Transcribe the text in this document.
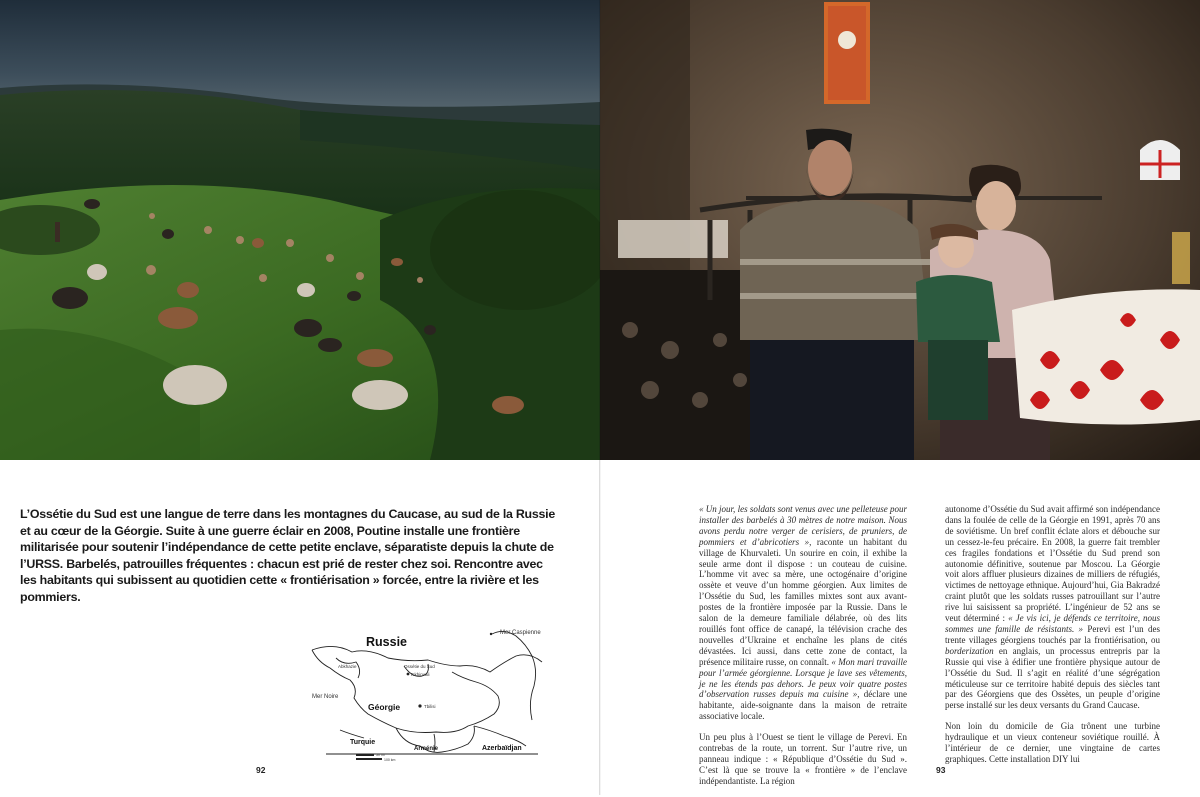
L’Ossétie du Sud est une langue de terre dans les montagnes du Caucase, au sud de la Russie et au cœur de la Géorgie. Suite à une guerre éclair en 2008, Poutine installe une frontière militarisée pour soutenir l’indépendance de cette petite enclave, séparatiste depuis la chute de l’URSS. Barbelés, patrouilles fréquentes : chacun est prié de rester chez soi. Rencontre avec les habitants qui subissent au quotidien cette « frontiérisation » forcée, entre la rivière et les pommiers.

Russie
Mer Caspienne
Abkhazie
Mer Noire
Ossétie du Sud
Tskhinvali
Géorgie	Tbilisi
Turquie
Arménie	Azerbaïdjan
50 mi
100 km
92

« Un jour, les soldats sont venus avec une pelleteuse pour installer des barbelés à 30 mètres de notre maison. Nous avons perdu notre verger de cerisiers, de pruniers, de pommiers et d’abricotiers », raconte un habitant du village de Khurvaleti. Un sourire en coin, il exhibe la seule arme dont il dispose : un couteau de cuisine. L’homme vit avec sa mère, une octogénaire d’origine ossète et veuve d’un homme géorgien. Aux limites de l’Ossétie du Sud, les familles mixtes sont aux avant-postes de la frontière imposée par la Russie. Dans le salon de la demeure familiale délabrée, où des lits rouillés font office de canapé, la télévision crache des nouvelles d’Ukraine et enchaîne les plans de cités dévastées. Ici aussi, dans cette zone de contact, la présence militaire russe, on connaît. « Mon mari travaille pour l’armée géorgienne. Lorsque je lave ses vêtements, je ne les étends pas dehors. Je peux voir quatre postes d’observation russes depuis ma cuisine », déclare une habitante, aide-soignante dans la maison de retraite associative locale.

Un peu plus à l’Ouest se tient le village de Perevi. En contrebas de la route, un torrent. Sur l’autre rive, un panneau indique : « République d’Ossétie du Sud ». C’est là que se trouve la « frontière » de l’enclave indépendantiste. La région

autonome d’Ossétie du Sud avait affirmé son indépendance dans la foulée de celle de la Géorgie en 1991, après 70 ans de soviétisme. Un bref conflit éclate alors et débouche sur un cessez-le-feu précaire. En 2008, la guerre fait trembler ces fragiles fondations et l’Ossétie du Sud prend son autonomie définitive, soutenue par Moscou. La Géorgie voit alors affluer plusieurs dizaines de milliers de réfugiés, victimes de nettoyage ethnique. Aujourd’hui, Gia Bakradzé craint plutôt que les soldats russes patrouillant sur l’autre rive lui saisissent sa propriété. L’ingénieur de 52 ans se veut déterminé : « Je vis ici, je défends ce territoire, nous sommes une famille de résistants. » Perevi est l’un des trente villages géorgiens touchés par la frontiérisation, ou borderization en anglais, un processus entrepris par la Russie qui vise à édifier une frontière physique autour de l’Ossétie du Sud. Il s’agit en réalité d’une ségrégation méticuleuse sur ce territoire habité depuis des siècles tant par des Géorgiens que des Ossètes, un peuple d’origine perse installé sur les deux versants du Grand Caucase.

Non loin du domicile de Gia trônent une turbine hydraulique et un vieux conteneur soviétique rouillé. À l’intérieur de ce dernier, une vingtaine de cartes graphiques. Cette installation DIY lui

93
